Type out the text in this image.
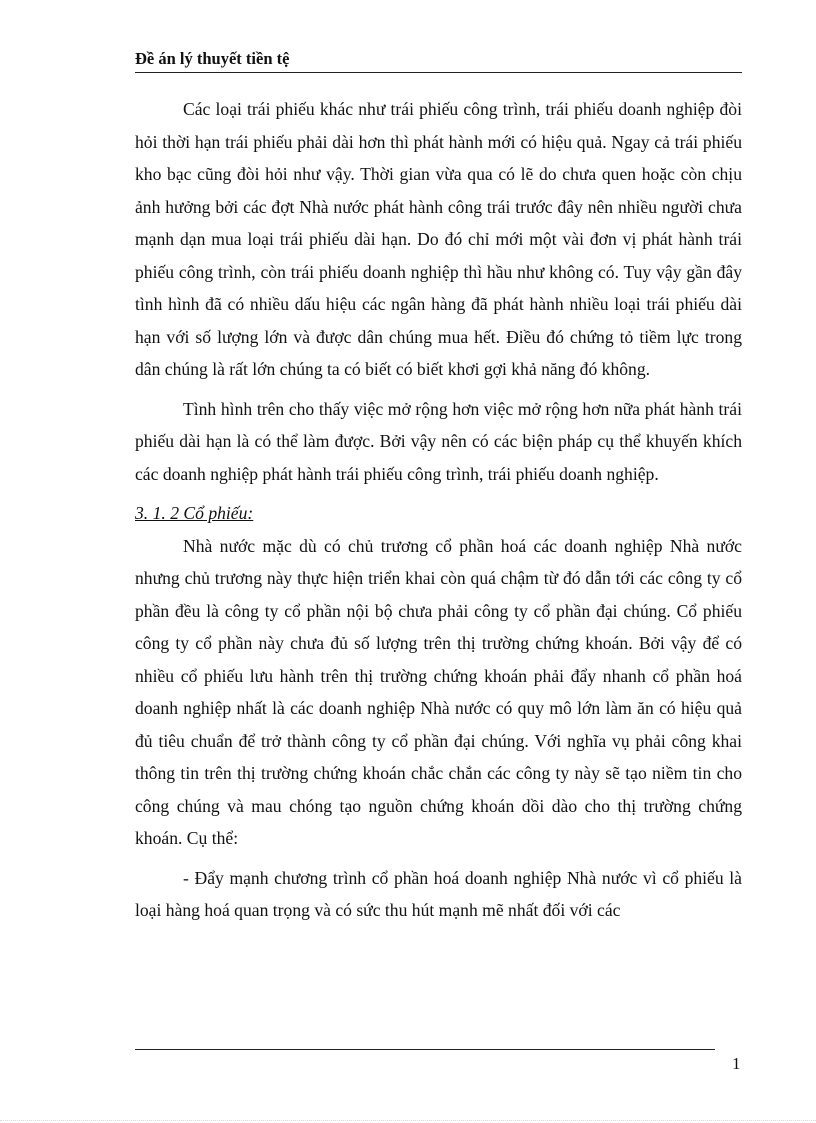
Đề án lý thuyết tiền tệ

Các loại trái phiếu khác như trái phiếu công trình, trái phiếu doanh nghiệp đòi hỏi thời hạn trái phiếu phải dài hơn thì phát hành mới có hiệu quả. Ngay cả trái phiếu kho bạc cũng đòi hỏi như vậy. Thời gian vừa qua có lẽ do chưa quen hoặc còn chịu ảnh hưởng bởi các đợt Nhà nước phát hành công trái trước đây nên nhiều người chưa mạnh dạn mua loại trái phiếu dài hạn. Do đó chỉ mới một vài đơn vị phát hành trái phiếu công trình, còn trái phiếu doanh nghiệp thì hầu như không có. Tuy vậy gần đây tình hình đã có nhiều dấu hiệu các ngân hàng đã phát hành nhiều loại trái phiếu dài hạn với số lượng lớn và được dân chúng mua hết. Điều đó chứng tỏ tiềm lực trong dân chúng là rất lớn chúng ta có biết có biết khơi gợi khả năng đó không.

Tình hình trên cho thấy việc mở rộng hơn việc mở rộng hơn nữa phát hành trái phiếu dài hạn là có thể làm được. Bởi vậy nên có các biện pháp cụ thể khuyến khích các doanh nghiệp phát hành trái phiếu công trình, trái phiếu doanh nghiệp.

3. 1. 2 Cổ phiếu:

Nhà nước mặc dù có chủ trương cổ phần hoá các doanh nghiệp Nhà nước nhưng chủ trương này thực hiện triển khai còn quá chậm từ đó dẫn tới các công ty cổ phần đều là công ty cổ phần nội bộ chưa phải công ty cổ phần đại chúng. Cổ phiếu công ty cổ phần này chưa đủ số lượng trên thị trường chứng khoán. Bởi vậy để có nhiều cổ phiếu lưu hành trên thị trường chứng khoán phải đẩy nhanh cổ phần hoá doanh nghiệp nhất là các doanh nghiệp Nhà nước có quy mô lớn làm ăn có hiệu quả đủ tiêu chuẩn để trở thành công ty cổ phần đại chúng. Với nghĩa vụ phải công khai thông tin trên thị trường chứng khoán chắc chắn các công ty này sẽ tạo niềm tin cho công chúng và mau chóng tạo nguồn chứng khoán dồi dào cho thị trường chứng khoán. Cụ thể:

- Đẩy mạnh chương trình cổ phần hoá doanh nghiệp Nhà nước vì cổ phiếu là loại hàng hoá quan trọng và có sức thu hút mạnh mẽ nhất đối với các

1
